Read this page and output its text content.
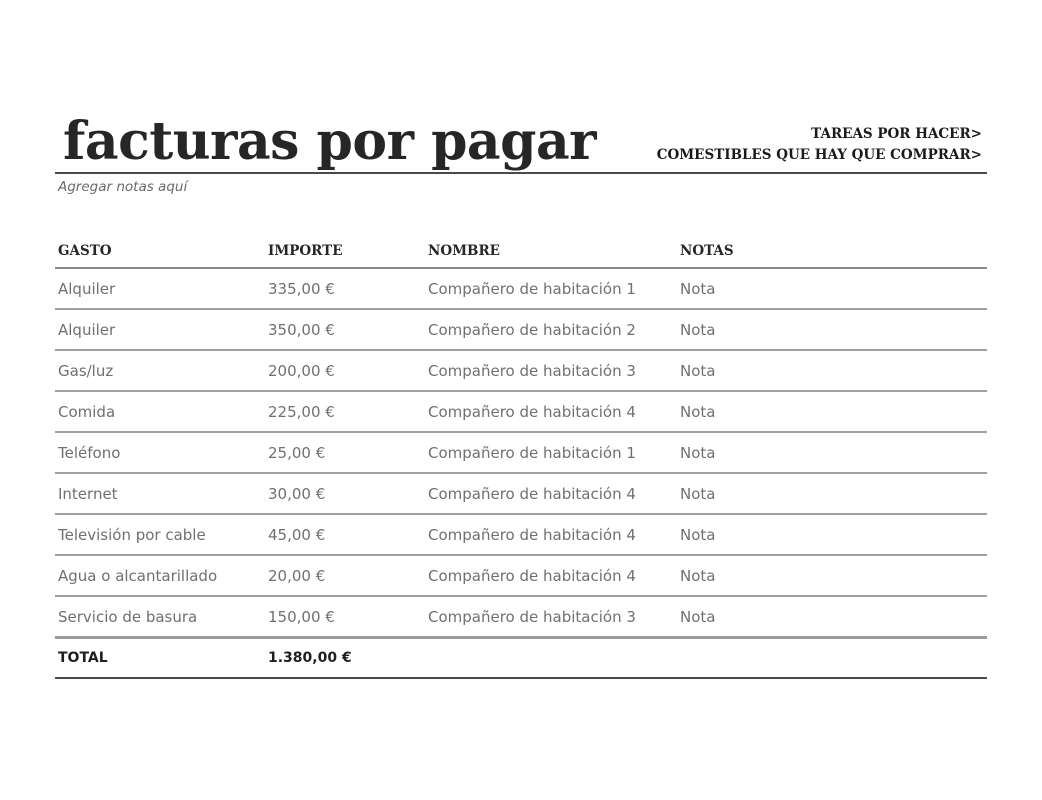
facturas por pagar	TAREAS POR HACER>
COMESTIBLES QUE HAY QUE COMPRAR>
Agregar notas aquí
GASTO	IMPORTE	NOMBRE	NOTAS
Alquiler	335,00 €	Compañero de habitación 1	Nota
Alquiler	350,00 €	Compañero de habitación 2	Nota
Gas/luz	200,00 €	Compañero de habitación 3	Nota
Comida	225,00 €	Compañero de habitación 4	Nota
Teléfono	25,00 €	Compañero de habitación 1	Nota
Internet	30,00 €	Compañero de habitación 4	Nota
Televisión por cable	45,00 €	Compañero de habitación 4	Nota
Agua o alcantarillado	20,00 €	Compañero de habitación 4	Nota
Servicio de basura	150,00 €	Compañero de habitación 3	Nota
TOTAL	1.380,00 €		
